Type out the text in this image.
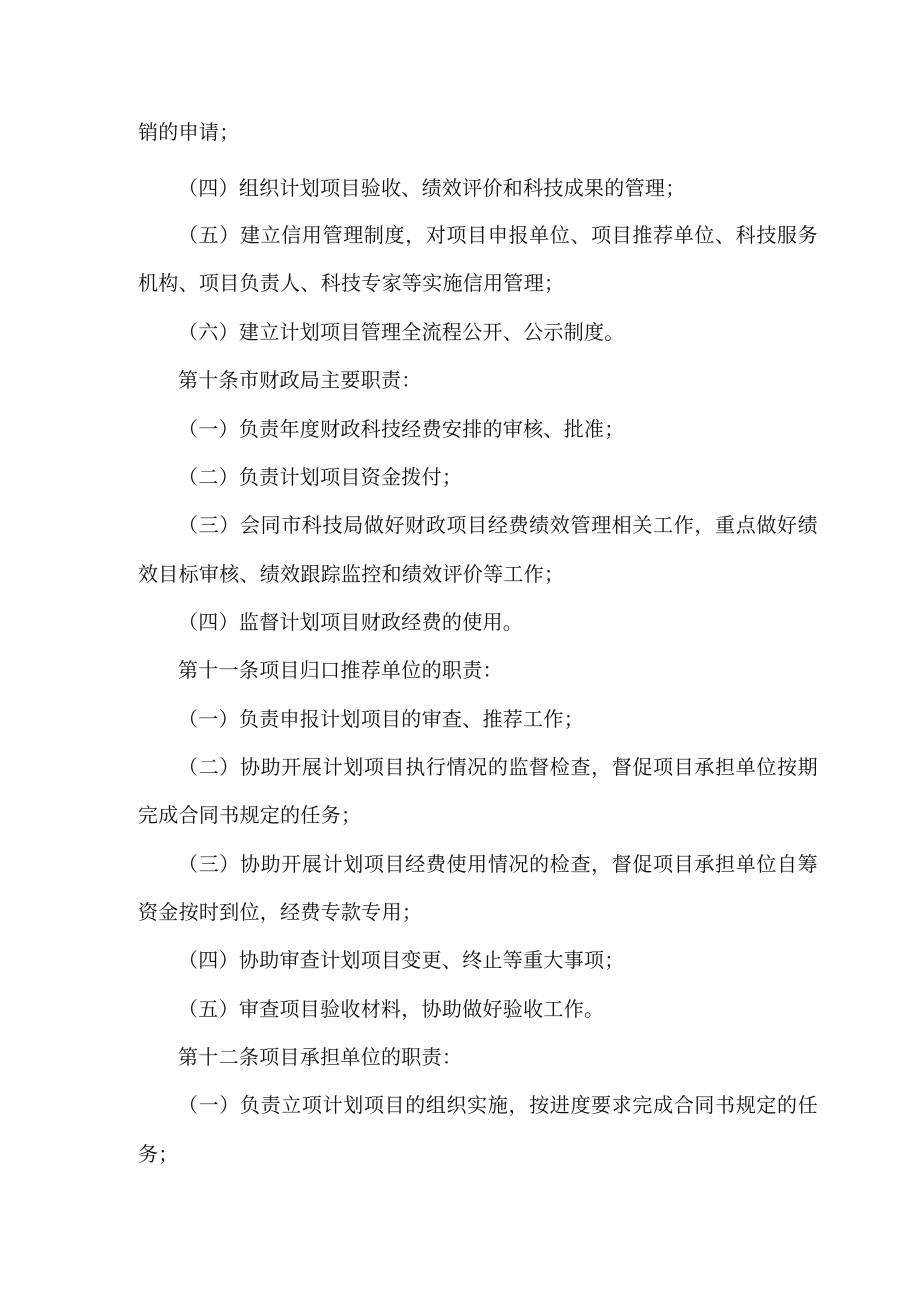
销的申请；
（四）组织计划项目验收、绩效评价和科技成果的管理；
（五）建立信用管理制度，对项目申报单位、项目推荐单位、科技服务
机构、项目负责人、科技专家等实施信用管理；
（六）建立计划项目管理全流程公开、公示制度。
第十条市财政局主要职责：
（一）负责年度财政科技经费安排的审核、批准；
（二）负责计划项目资金拨付；
（三）会同市科技局做好财政项目经费绩效管理相关工作，重点做好绩
效目标审核、绩效跟踪监控和绩效评价等工作；
（四）监督计划项目财政经费的使用。
第十一条项目归口推荐单位的职责：
（一）负责申报计划项目的审查、推荐工作；
（二）协助开展计划项目执行情况的监督检查，督促项目承担单位按期
完成合同书规定的任务；
（三）协助开展计划项目经费使用情况的检查，督促项目承担单位自筹
资金按时到位，经费专款专用；
（四）协助审查计划项目变更、终止等重大事项；
（五）审查项目验收材料，协助做好验收工作。
第十二条项目承担单位的职责：
（一）负责立项计划项目的组织实施，按进度要求完成合同书规定的任
务；
